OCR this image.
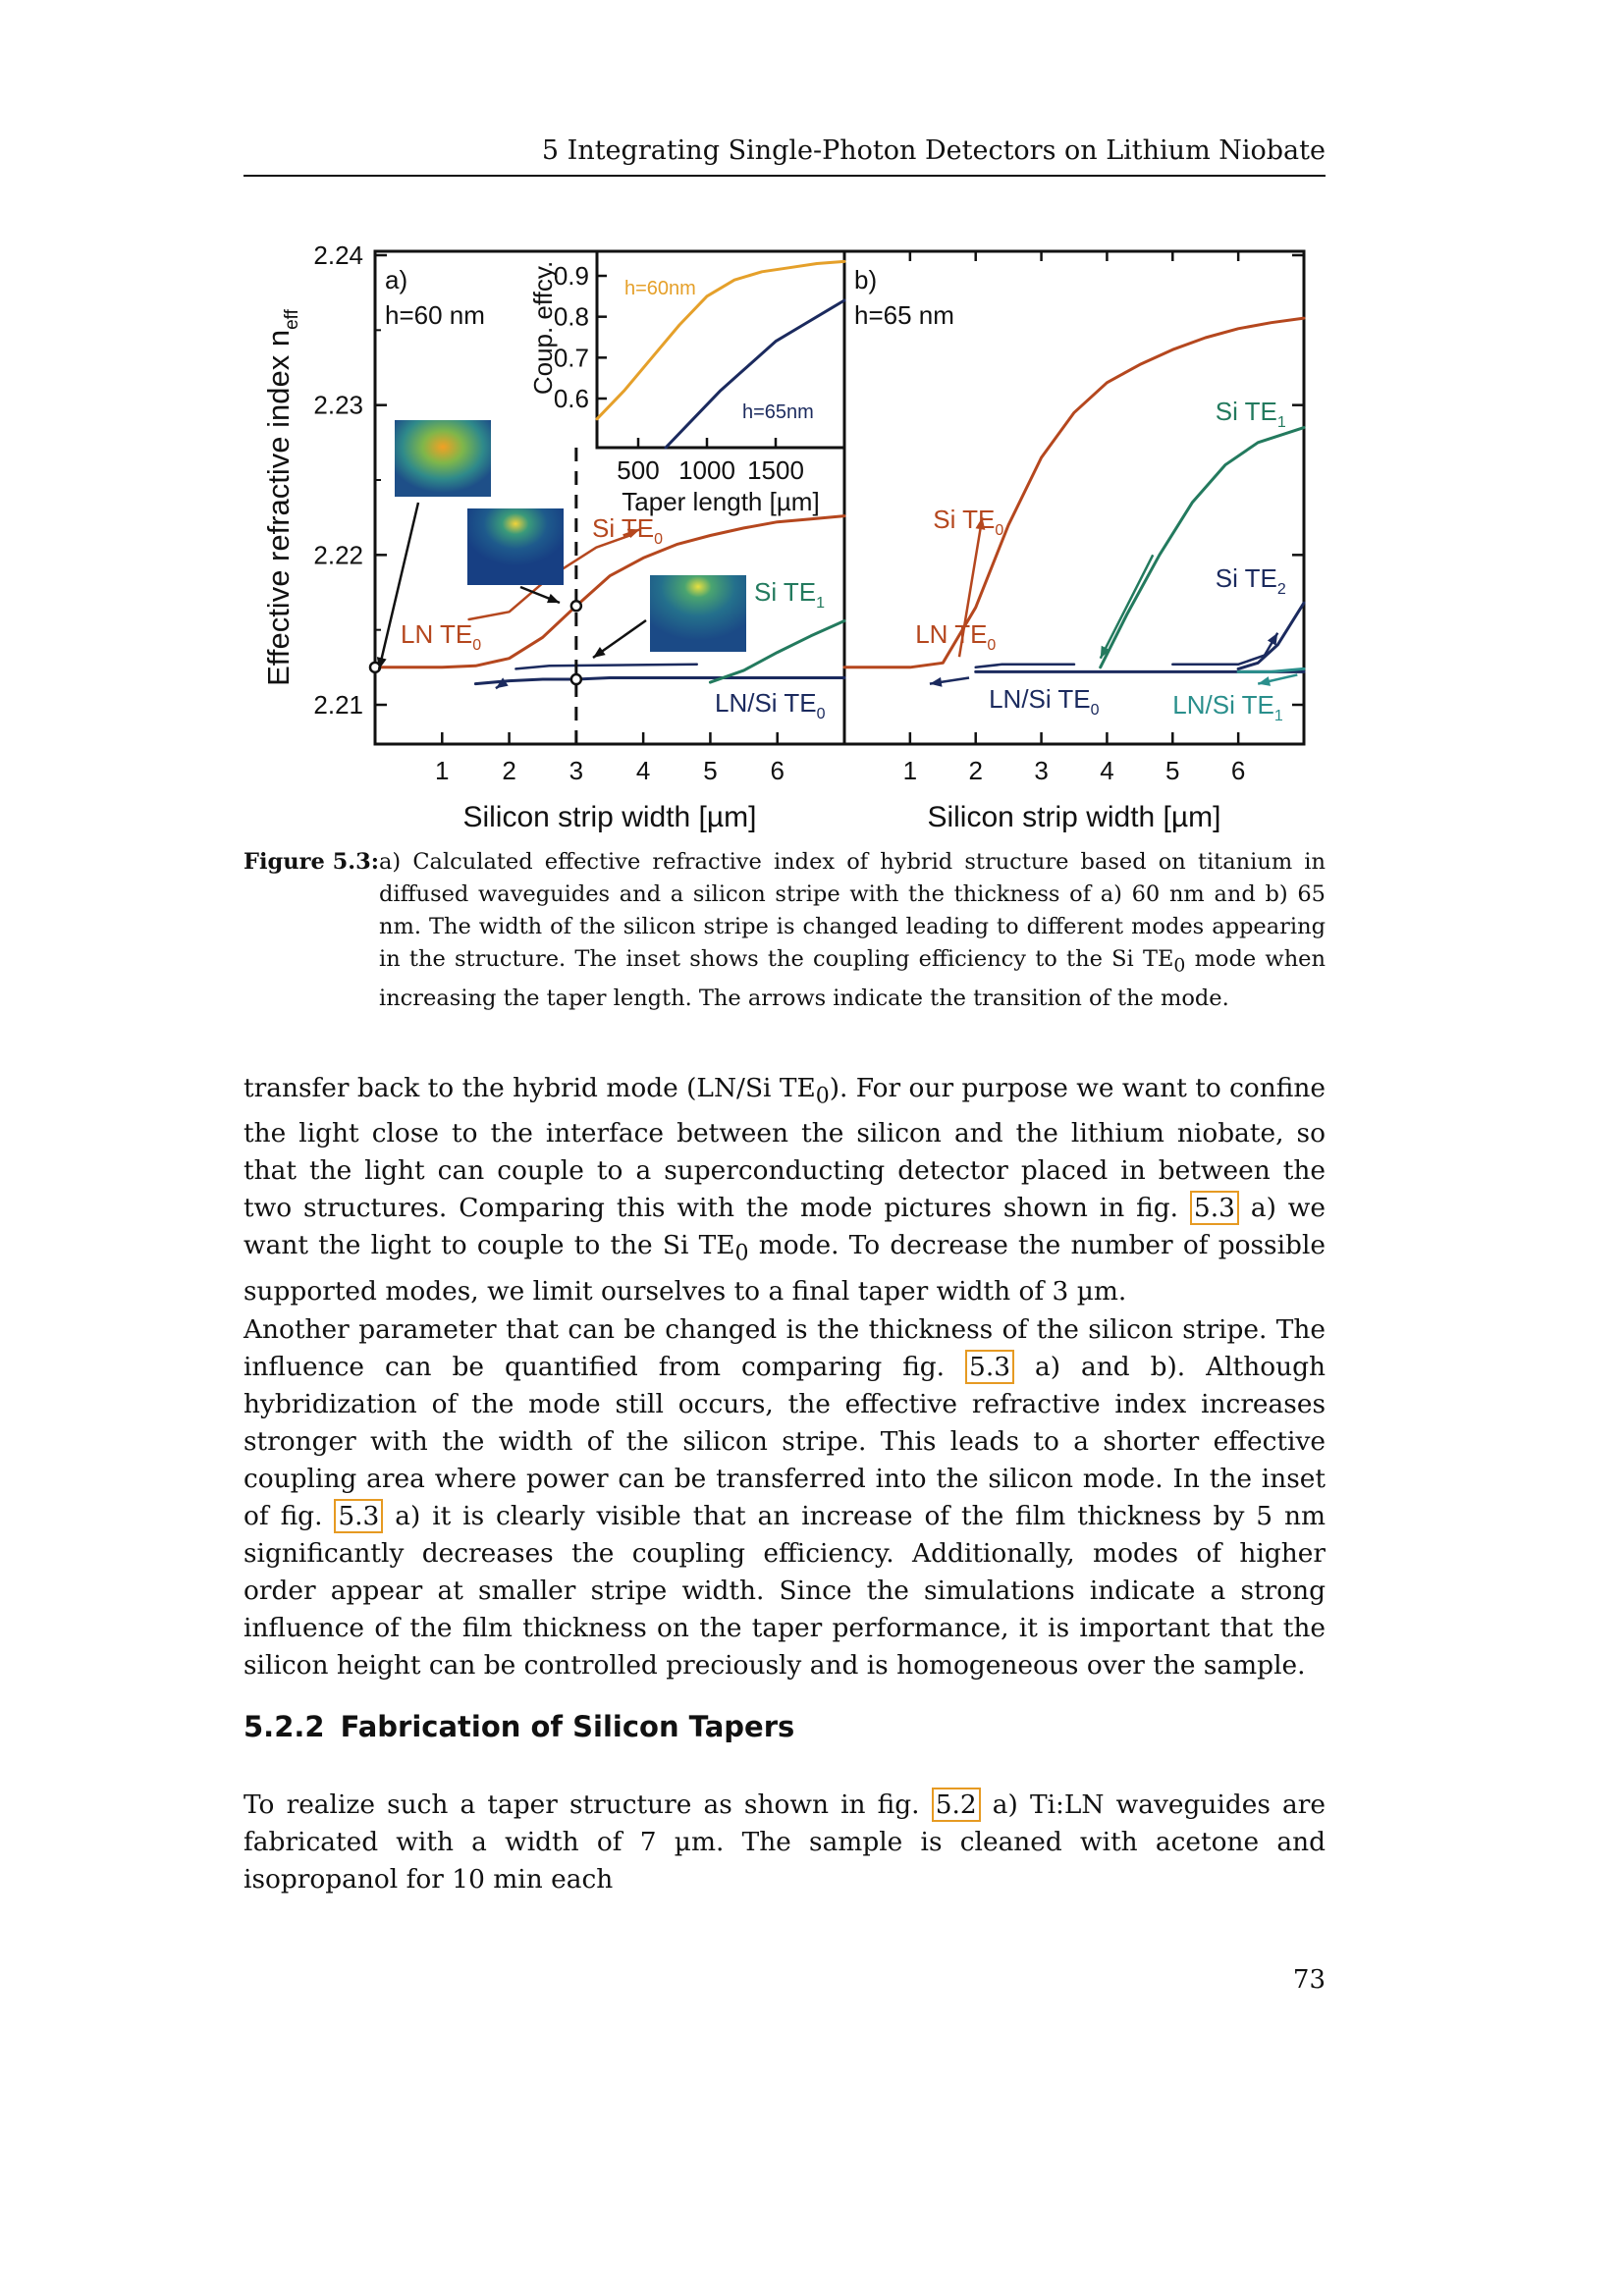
5 Integrating Single-Photon Detectors on Lithium Niobate
2.21
2.22
2.23
2.24
1 2 3 4 5 6	1 2 3 4 5 6
Silicon strip width [µm]	Silicon strip width [µm]
Effective refractive index $n_{eff}$
a)
h=60 nm
b)
h=65 nm
LN $TE_0$
Si $TE_0$
Si $TE_1$
LN/Si $TE_0$
0.6
0.7
0.8
0.9
500 1000 1500
Taper length [µm]
Coup. effcy.	h=60nm
h=65nm
LN $TE_0$
Si $TE_0$
Si $TE_1$
Si $TE_2$
LN/Si $TE_0$	LN/Si $TE_1$
Figure 5.3: a) Calculated effective refractive index of hybrid structure based on titanium in diffused waveguides and a silicon stripe with the thickness of a) 60 nm and b) 65 nm. The width of the silicon stripe is changed leading to different modes appearing in the structure. The inset shows the coupling efficiency to the Si $TE_0$ mode when increasing the taper length. The arrows indicate the transition of the mode.

transfer back to the hybrid mode (LN/Si $TE_0$). For our purpose we want to confine the light close to the interface between the silicon and the lithium niobate, so that the light can couple to a superconducting detector placed in between the two structures. Comparing this with the mode pictures shown in fig. 5.3 a) we want the light to couple to the Si $TE_0$ mode. To decrease the number of possible supported modes, we limit ourselves to a final taper width of 3 µm.

Another parameter that can be changed is the thickness of the silicon stripe. The influence can be quantified from comparing fig. 5.3 a) and b). Although hybridization of the mode still occurs, the effective refractive index increases stronger with the width of the silicon stripe. This leads to a shorter effective coupling area where power can be transferred into the silicon mode. In the inset of fig. 5.3 a) it is clearly visible that an increase of the film thickness by 5 nm significantly decreases the coupling efficiency. Additionally, modes of higher order appear at smaller stripe width. Since the simulations indicate a strong influence of the film thickness on the taper performance, it is important that the silicon height can be controlled preciously and is homogeneous over the sample.

5.2.2 Fabrication of Silicon Tapers

To realize such a taper structure as shown in fig. 5.2 a) Ti:LN waveguides are fabricated with a width of 7 µm. The sample is cleaned with acetone and isopropanol for 10 min each

73
